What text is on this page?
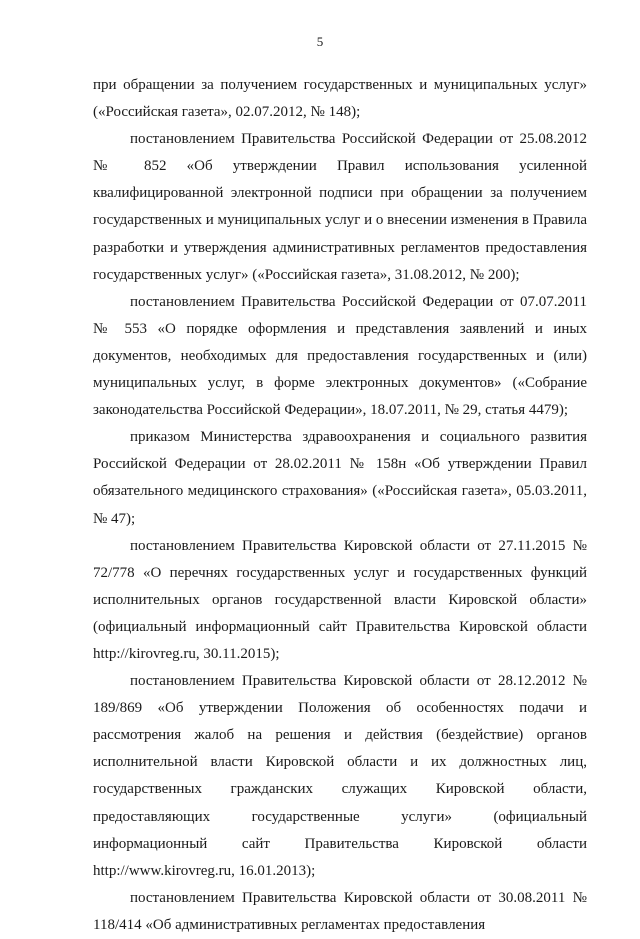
5

при обращении за получением государственных и муниципальных услуг» («Российская газета», 02.07.2012, № 148);

постановлением Правительства Российской Федерации от 25.08.2012 № 852 «Об утверждении Правил использования усиленной квалифицированной электронной подписи при обращении за получением государственных и муниципальных услуг и о внесении изменения в Правила разработки и утверждения административных регламентов предоставления государственных услуг» («Российская газета», 31.08.2012, № 200);

постановлением Правительства Российской Федерации от 07.07.2011 № 553 «О порядке оформления и представления заявлений и иных документов, необходимых для предоставления государственных и (или) муниципальных услуг, в форме электронных документов» («Собрание законодательства Российской Федерации», 18.07.2011, № 29, статья 4479);

приказом Министерства здравоохранения и социального развития Российской Федерации от 28.02.2011 № 158н «Об утверждении Правил обязательного медицинского страхования» («Российская газета», 05.03.2011, № 47);

постановлением Правительства Кировской области от 27.11.2015 № 72/778 «О перечнях государственных услуг и государственных функций исполнительных органов государственной власти Кировской области» (официальный информационный сайт Правительства Кировской области http://kirovreg.ru, 30.11.2015);

постановлением Правительства Кировской области от 28.12.2012 № 189/869 «Об утверждении Положения об особенностях подачи и рассмотрения жалоб на решения и действия (бездействие) органов исполнительной власти Кировской области и их должностных лиц, государственных гражданских служащих Кировской области, предоставляющих государственные услуги» (официальный информационный сайт Правительства Кировской области http://www.kirovreg.ru, 16.01.2013);

постановлением Правительства Кировской области от 30.08.2011 № 118/414 «Об административных регламентах предоставления
